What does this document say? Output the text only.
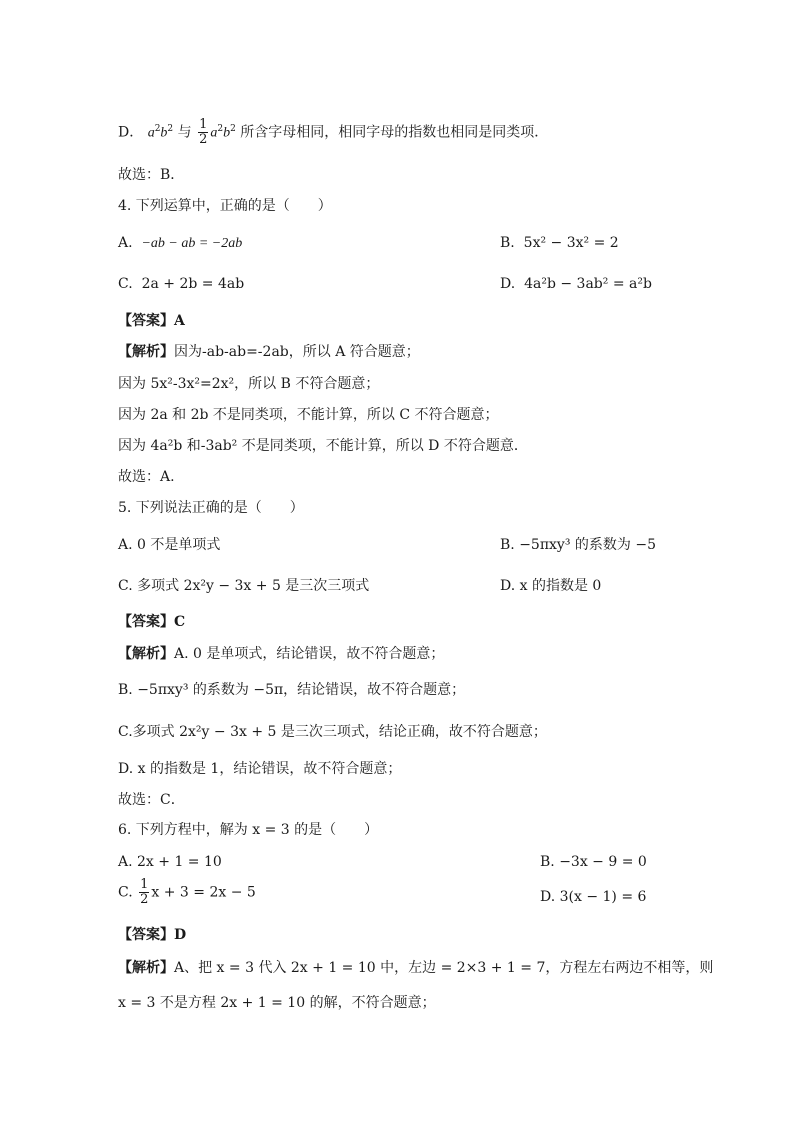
D． $a^2b^2$ 与 $\frac{1}{2} a^2b^2$ 所含字母相同，相同字母的指数也相同是同类项．
故选：B．
4. 下列运算中，正确的是（　　）
A. −ab − ab = −2ab	B. 5x² − 3x² = 2
C. 2a + 2b = 4ab	D. 4a²b − 3ab² = a²b
【答案】A
【解析】因为-ab-ab=-2ab，所以 A 符合题意；
因为 5x²-3x²=2x²，所以 B 不符合题意；
因为 2a 和 2b 不是同类项，不能计算，所以 C 不符合题意；
因为 4a²b 和-3ab² 不是同类项，不能计算，所以 D 不符合题意．
故选：A.
5. 下列说法正确的是（　　）
A. 0 不是单项式	B. −5πxy³ 的系数为 −5
C. 多项式 2x²y − 3x + 5 是三次三项式	D. x 的指数是 0
【答案】C
【解析】A. 0 是单项式，结论错误，故不符合题意；
B. −5πxy³ 的系数为 −5π，结论错误，故不符合题意；
C.多项式 2x²y − 3x + 5 是三次三项式，结论正确，故不符合题意；
D. x 的指数是 1，结论错误，故不符合题意；
故选：C．
6. 下列方程中，解为 x = 3 的是（　　）
A. 2x + 1 = 10	B. −3x − 9 = 0
C. $\frac{1}{2}$ x + 3 = 2x − 5	D. 3(x − 1) = 6
【答案】D
【解析】A、把 x = 3 代入 2x + 1 = 10 中，左边 = 2×3 + 1 = 7，方程左右两边不相等，则
x = 3 不是方程 2x + 1 = 10 的解，不符合题意；
